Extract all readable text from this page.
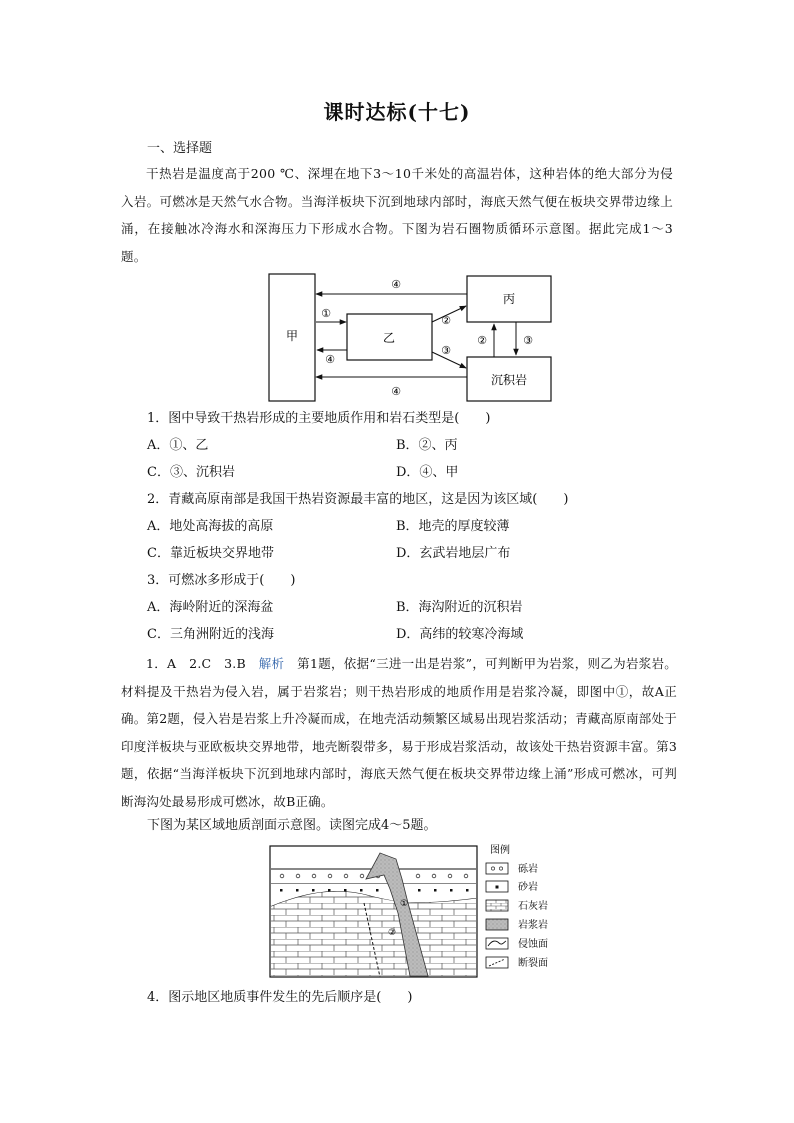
课时达标(十七)
一、选择题
干热岩是温度高于200 ℃、深埋在地下3～10千米处的高温岩体，这种岩体的绝大部分为侵入岩。可燃冰是天然气水合物。当海洋板块下沉到地球内部时，海底天然气便在板块交界带边缘上涌，在接触冰冷海水和深海压力下形成水合物。下图为岩石圈物质循环示意图。据此完成1～3题。
甲	乙
丙
沉积岩
④
①
④
②
③
②	③
④
1．图中导致干热岩形成的主要地质作用和岩石类型是(　　)
A．①、乙	B．②、丙
C．③、沉积岩	D．④、甲
2．青藏高原南部是我国干热岩资源最丰富的地区，这是因为该区域(　　)
A．地处高海拔的高原	B．地壳的厚度较薄
C．靠近板块交界地带	D．玄武岩地层广布
3．可燃冰多形成于(　　)
A．海岭附近的深海盆	B．海沟附近的沉积岩
C．三角洲附近的浅海	D．高纬的较寒冷海域
1．A　2.C　3.B　解析　第1题，依据“三进一出是岩浆”，可判断甲为岩浆，则乙为岩浆岩。材料提及干热岩为侵入岩，属于岩浆岩；则干热岩形成的地质作用是岩浆冷凝，即图中①，故A正确。第2题，侵入岩是岩浆上升冷凝而成，在地壳活动频繁区域易出现岩浆活动；青藏高原南部处于印度洋板块与亚欧板块交界地带，地壳断裂带多，易于形成岩浆活动，故该处干热岩资源丰富。第3题，依据“当海洋板块下沉到地球内部时，海底天然气便在板块交界带边缘上涌”形成可燃冰，可判断海沟处最易形成可燃冰，故B正确。
下图为某区域地质剖面示意图。读图完成4～5题。
①
②
图例
砾岩
砂岩
石灰岩
岩浆岩
侵蚀面
断裂面
4．图示地区地质事件发生的先后顺序是(　　)
